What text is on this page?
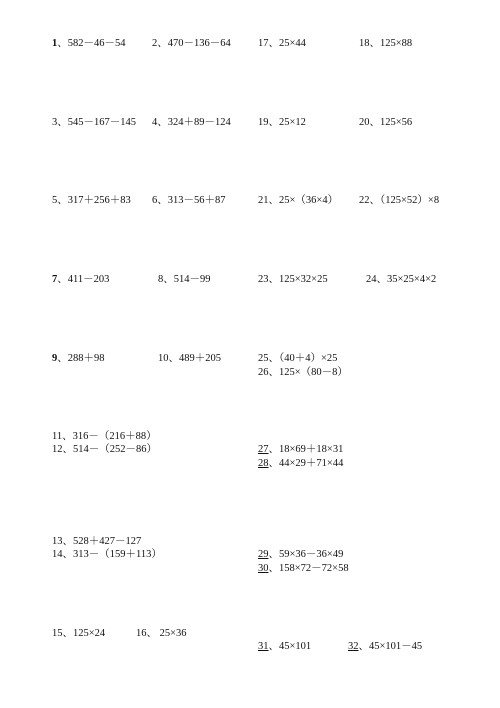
1、582－46－54	2、470－136－64	17、25×44	18、125×88
3、545－167－145 4、324＋89－124	19、25×12	20、125×56
5、317＋256＋83 6、313－56＋87	21、25×（36×4） 22、（125×52）×8
7、411－203	8、514－99	23、125×32×25	24、35×25×4×2
9、288＋98	10、489＋205	25、（40＋4）×25
26、125×（80－8）
11、316－（216＋88）
12、514－（252－86）	27、18×69＋18×31
28、44×29＋71×44
13、528＋427－127
14、313－（159＋113）	29、59×36－36×49
30、158×72－72×58
15、125×24	16、 25×36
31、45×101	32、45×101－45
